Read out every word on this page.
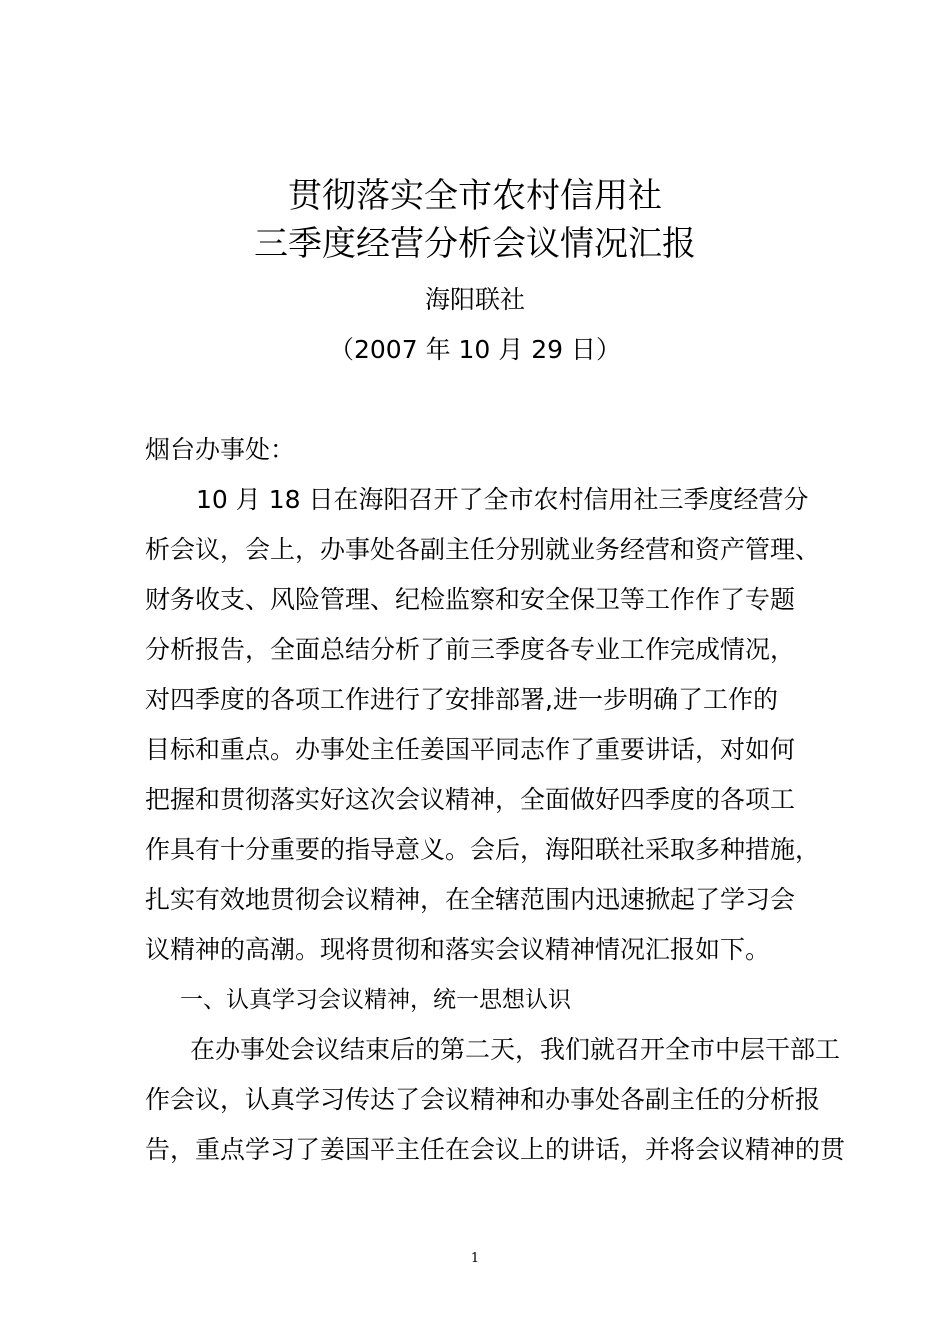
贯彻落实全市农村信用社
三季度经营分析会议情况汇报
海阳联社
（2007 年 10 月 29 日）
烟台办事处：
10 月 18 日在海阳召开了全市农村信用社三季度经营分
析会议，会上，办事处各副主任分别就业务经营和资产管理、
财务收支、风险管理、纪检监察和安全保卫等工作作了专题
分析报告，全面总结分析了前三季度各专业工作完成情况，
对四季度的各项工作进行了安排部署,进一步明确了工作的
目标和重点。办事处主任姜国平同志作了重要讲话，对如何
把握和贯彻落实好这次会议精神，全面做好四季度的各项工
作具有十分重要的指导意义。会后，海阳联社采取多种措施，
扎实有效地贯彻会议精神，在全辖范围内迅速掀起了学习会
议精神的高潮。现将贯彻和落实会议精神情况汇报如下。
一、认真学习会议精神，统一思想认识
在办事处会议结束后的第二天，我们就召开全市中层干部工
作会议，认真学习传达了会议精神和办事处各副主任的分析报
告，重点学习了姜国平主任在会议上的讲话，并将会议精神的贯
1
